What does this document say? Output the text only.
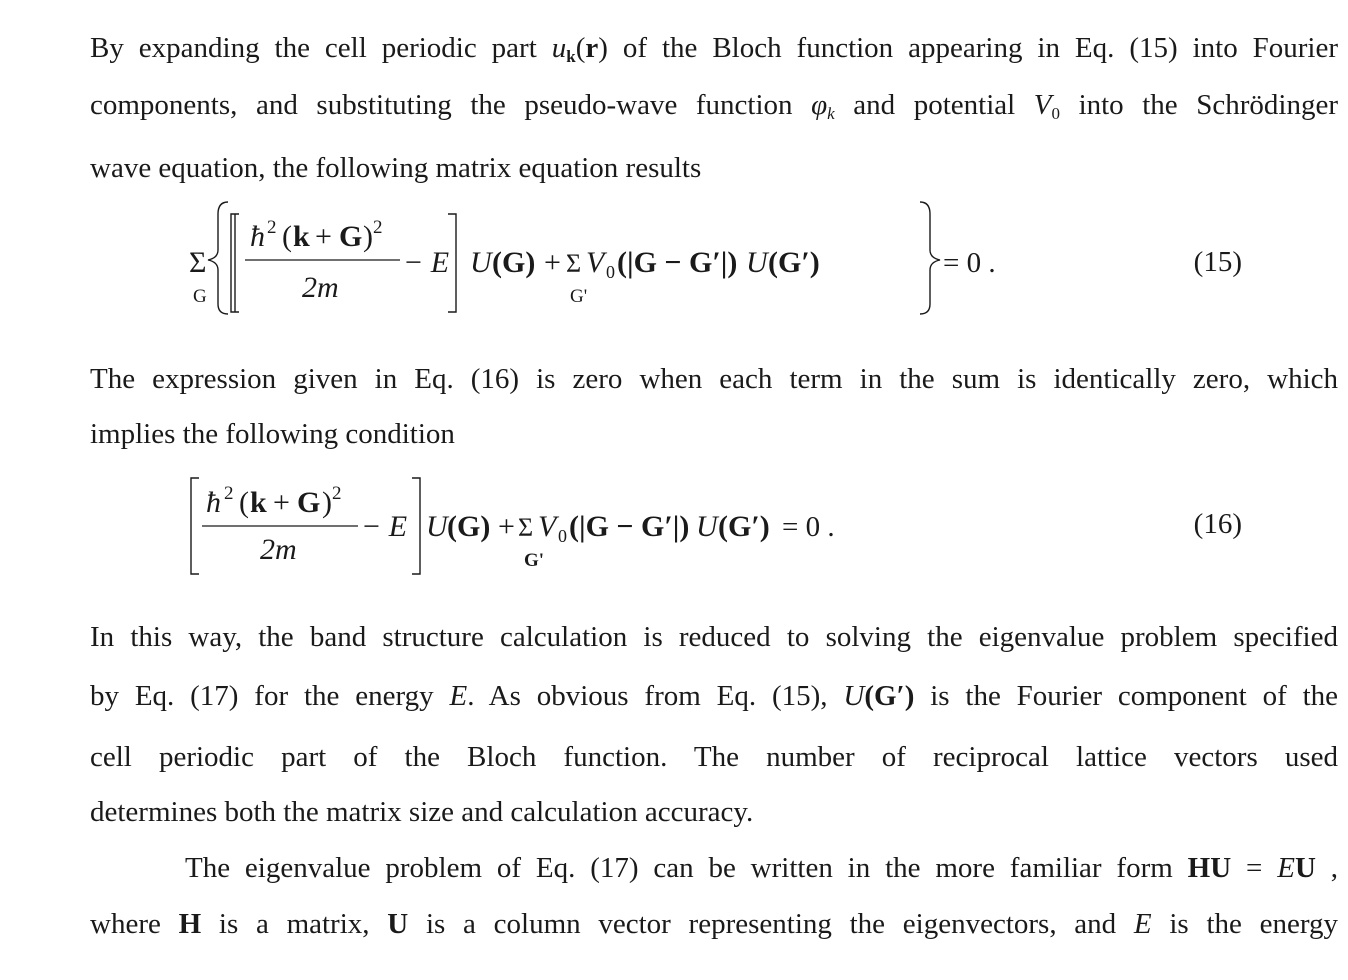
By expanding the cell periodic part $u_k(r)$ of the Bloch function appearing in Eq. (15) into Fourier
components, and substituting the pseudo-wave function $\varphi_k$ and potential $V_0$ into the Schrödinger
wave equation, the following matrix equation results
Σ
G
ħ 2 ( k + G ) 2
2m
− E U (G) + Σ
G'
V 0 (|G − G′|) U (G′)	= 0 .	(15)
The expression given in Eq. (16) is zero when each term in the sum is identically zero, which
implies the following condition
ħ 2 ( k + G ) 2
2m
− E U (G) + Σ
G'
V 0 (|G − G′|) U (G′) = 0 .	(16)
In this way, the band structure calculation is reduced to solving the eigenvalue problem specified
by Eq. (17) for the energy E. As obvious from Eq. (15), U(G′) is the Fourier component of the
cell periodic part of the Bloch function. The number of reciprocal lattice vectors used
determines both the matrix size and calculation accuracy.
The eigenvalue problem of Eq. (17) can be written in the more familiar form HU = EU ,
where H is a matrix, U is a column vector representing the eigenvectors, and E is the energy
